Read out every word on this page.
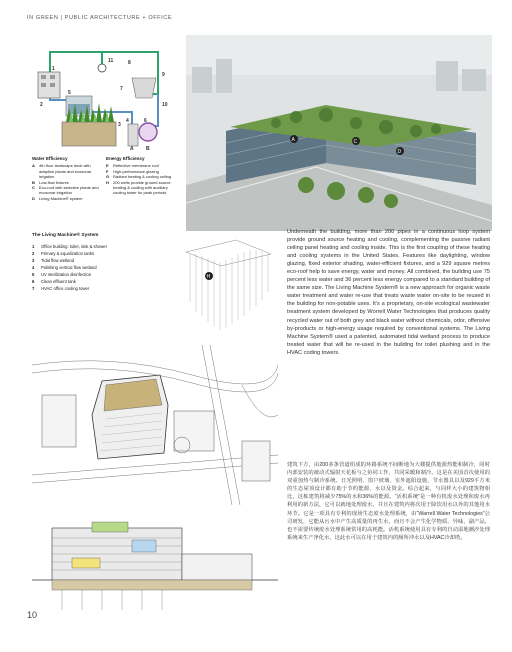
IN GREEN | PUBLIC ARCHITECTURE + OFFICE
1
2
3
4
5
6
7
8
9
10
11
A B
Water Efficiency
A	4th floor landscape deck with adaptive plants and ecosonar irrigation
B	Low-flow fixtures
C	Eco-roof with selective plants and ecosonar irrigation
D	Living Machine® system
Energy Efficiency
E	Reflective membrane roof
F	High-performance glazing
G Radiant heating & cooling ceiling
H	200 wells provide ground source heating & cooling with auxiliary cooling tower for peak periods
The Living Machine® System
1	Office building: toilet, sink & shower
2	Primary & equalization tanks
3	Tidal flow wetland
4	Polishing vertical flow wetland
5	UV sterilization disinfection
6	Clean effluent tank
7	HVAC office cooling tower
A	C
D
H
Underneath the building, more than 200 pipes in a continuous loop system provide ground source heating and cooling, complementing the passive radiant ceiling panel heating and cooling inside. This is the first coupling of these heating and cooling systems in the United States. Features like daylighting, window glazing, fixed exterior shading, water-efficient fixtures, and a 929 square metres eco-roof help to save energy, water and money. All combined, the building use 75 percent less water and 36 percent less energy compared to a standard building of the same size. The Living Machine System® is a new approach for organic waste water treatment and water re-use that treats waste water on-site to be reused in the building for non-potable uses. It’s a proprietary, on-site ecological wastewater treatment system developed by Worrell Water Technologies that produces quality recycled water out of both grey and black water without chemicals, odor, offensive by-products or high-energy usage required by conventional systems. The Living Machine System® used a patented, automated tidal wetland process to produce treated water that will be re-used in the building for toilet plushing and in the HVAC coding towers.
建筑下方，由200多条管道组成的环路系统不间断地为大楼提供地源热能和制冷，同时内部安装的被动式辐射天花板与之协同工作，共同采暖和制冷。这是在美国首次使用的双重加热与制冷系统。日光照明、窗户玻璃、室外遮阳设施、节水器具以及929平方米的生态屋顶设计都有助于节约能源、水以及资金。综合起来，与同样大小的建筑物相比，这栋建筑将减少75%的水和36%的能源。“活机系统”是一种有机废水处理和废水再利用的新方法，它可以就地处理废水，并且在建筑内将次用于除饮用水以外的其他用水环节。它是一项具有专利的现场生态废水处理系统，由“Warrell Water Technologies”公司研发，它能从污水中产生高质量的再生水，而且不会产生化学物质、异味、副产品，也不需要传统废水处理系统常用的高耗能。活机系统使用具有专利的自动湿地潮汐处理系统来生产净化水，这此水可以在用于建筑内的厕所冲水以及HVAC冷却塔。
10
